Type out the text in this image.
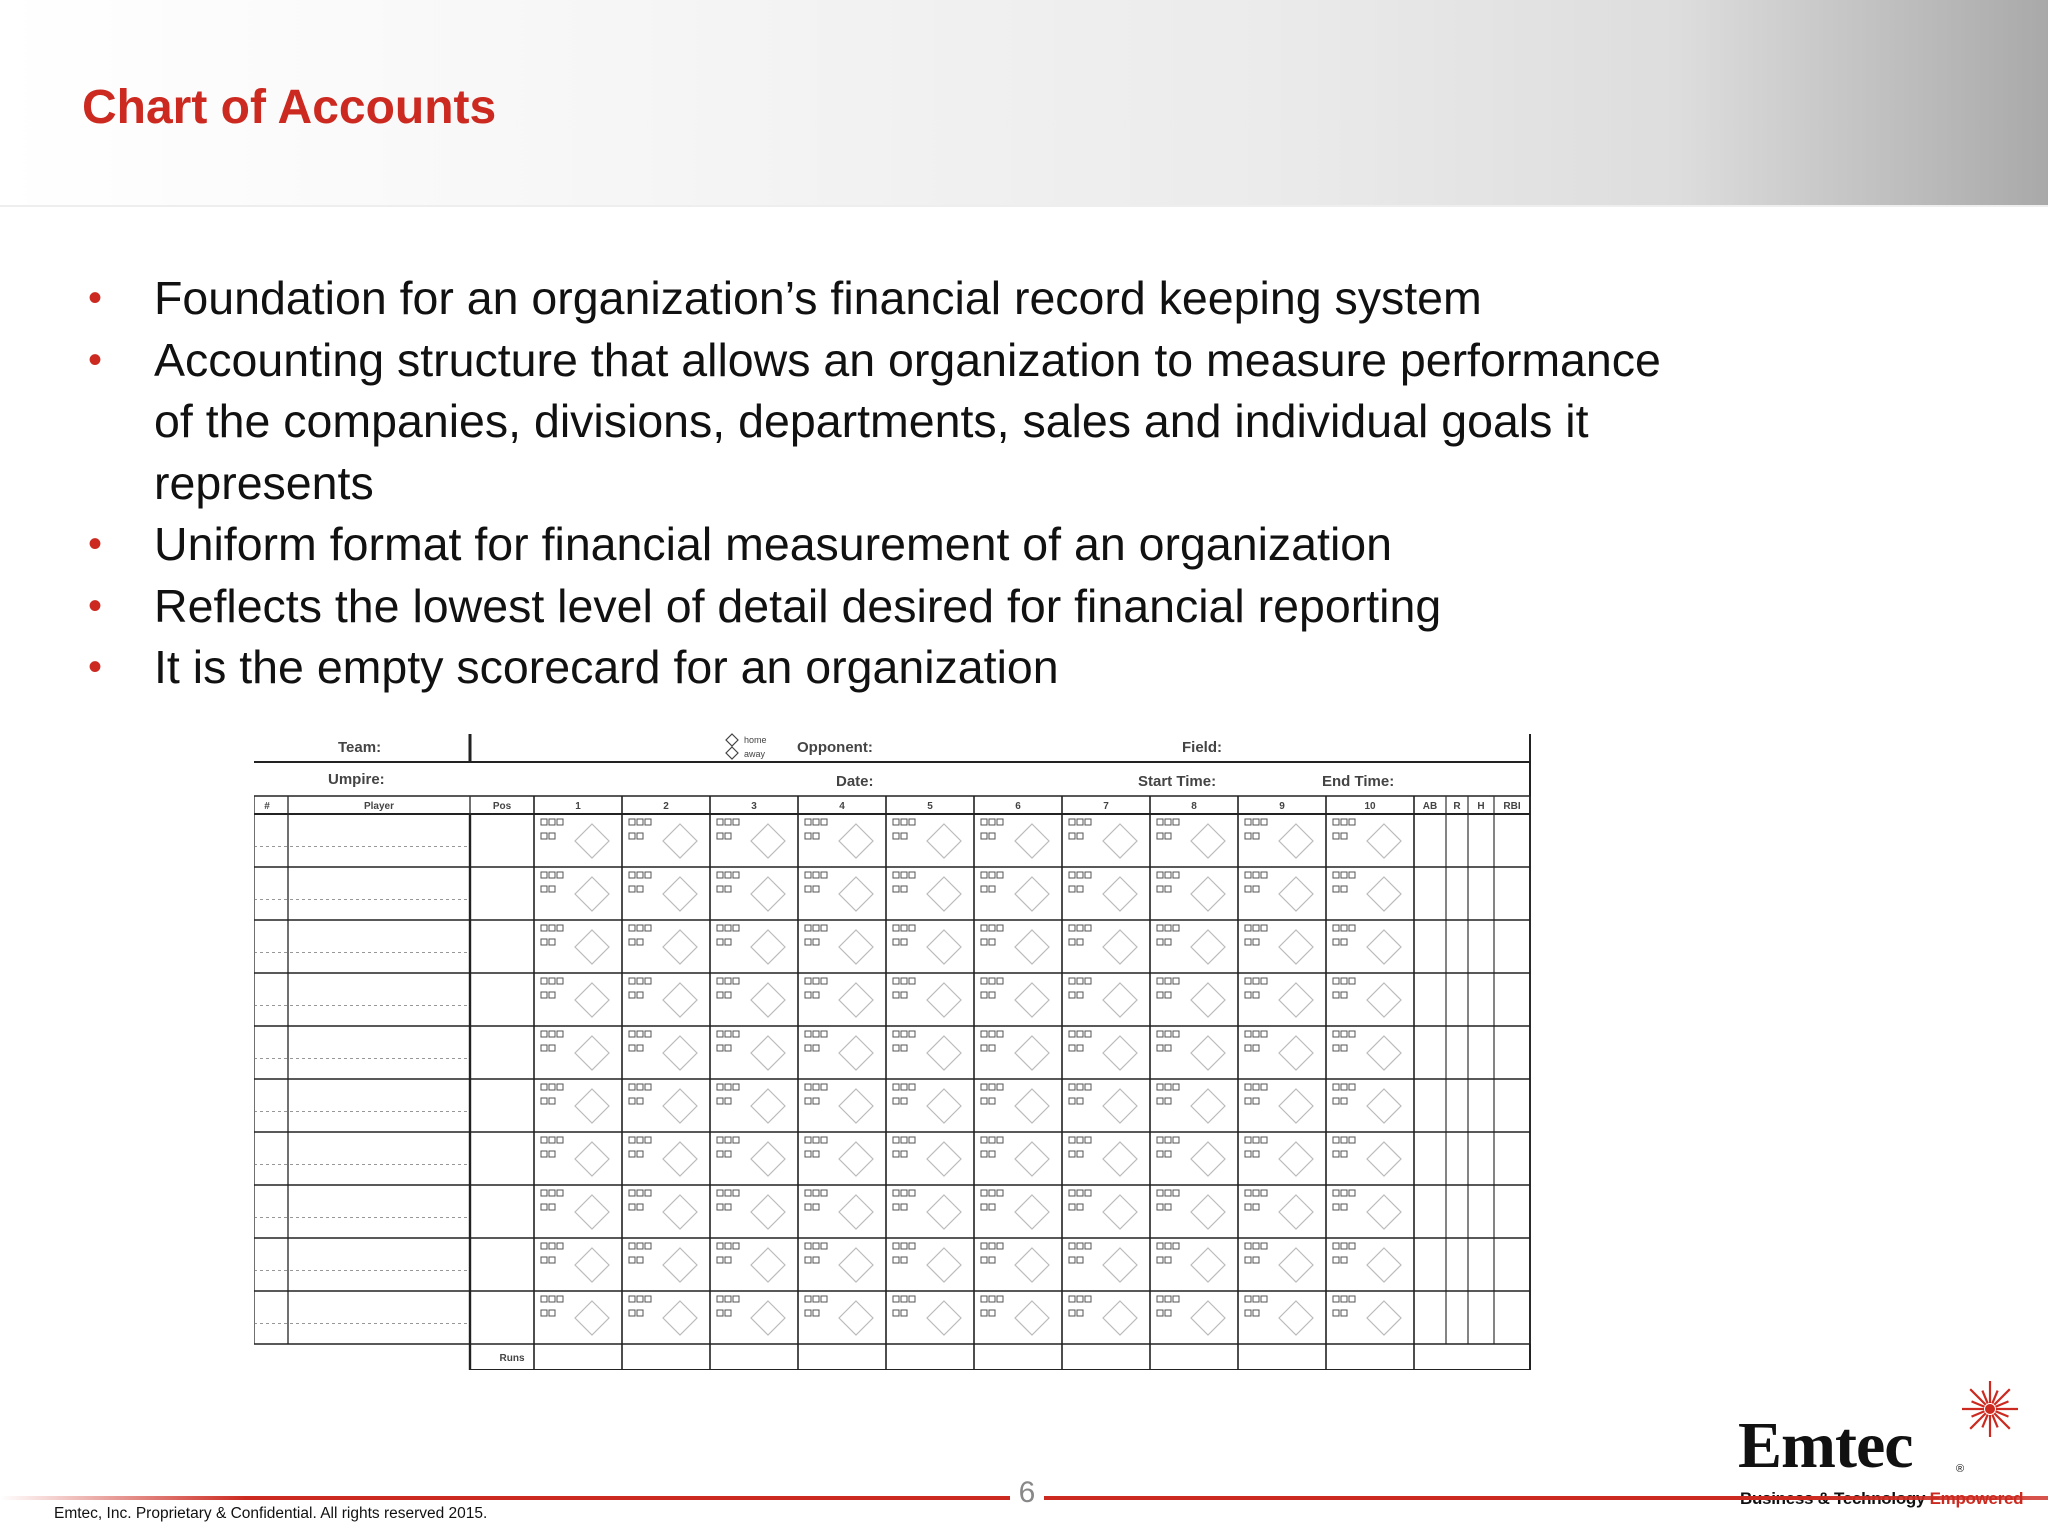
Chart of Accounts
• Foundation for an organization’s financial record keeping system
• Accounting structure that allows an organization to measure performance of the companies, divisions, departments, sales and individual goals it represents
• Uniform format for financial measurement of an organization
• Reflects the lowest level of detail desired for financial reporting
• It is the empty scorecard for an organization
Team:	home
away Opponent:	Field:
Umpire:	Date:	Start Time:	End Time:
#	Player	Pos	1	2	3	4	5	6	7	8	9	10	AB R H RBI
Runs
Emtec	®
6
Emtec, Inc. Proprietary & Confidential. All rights reserved 2015.
